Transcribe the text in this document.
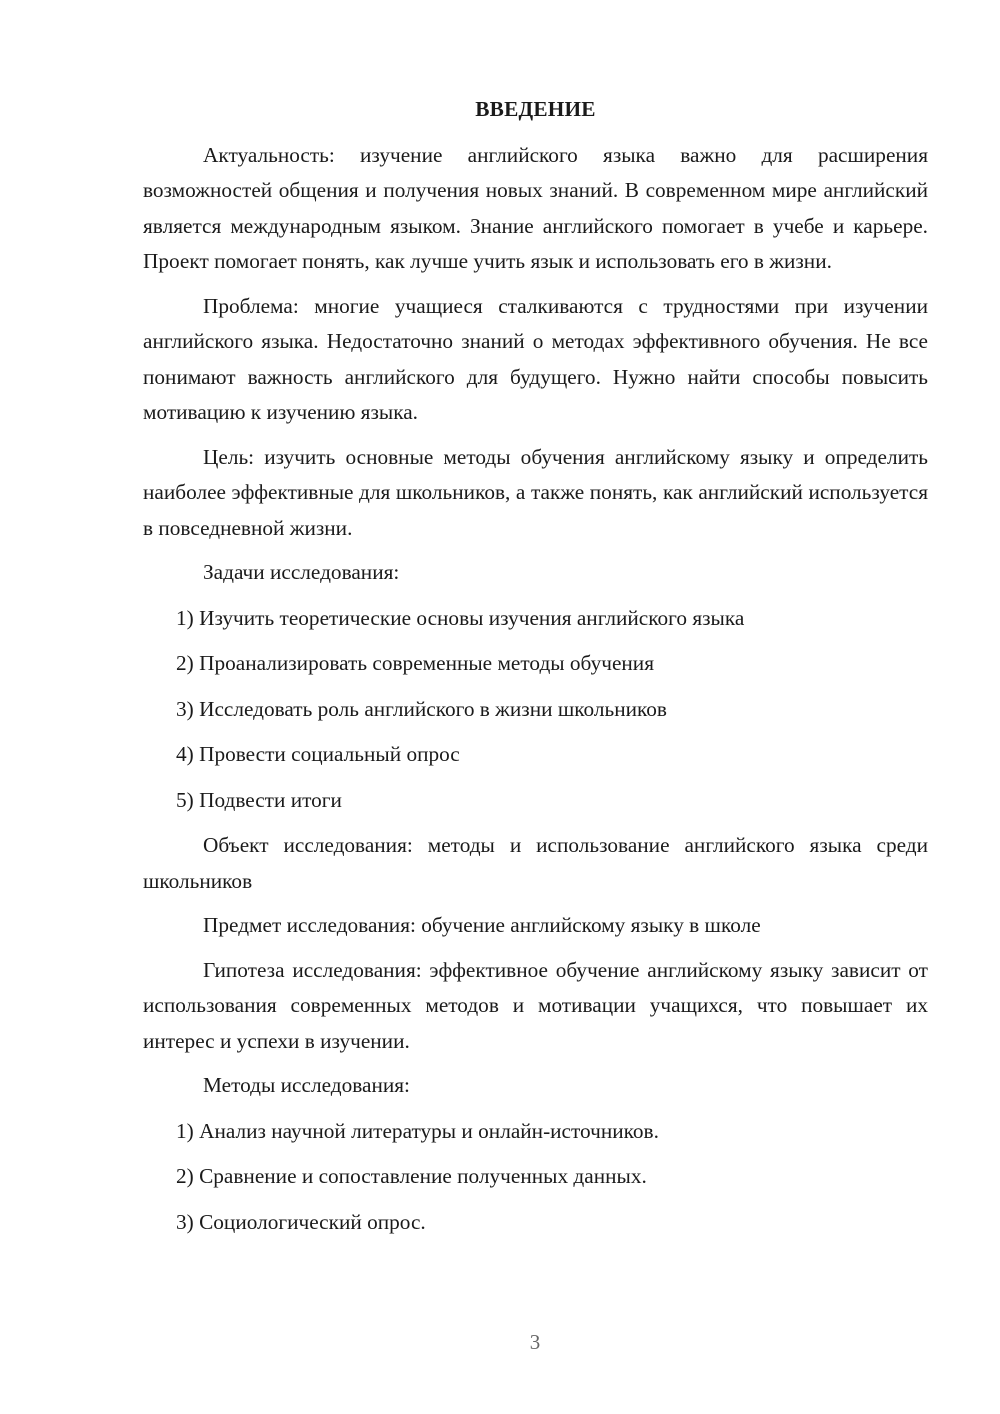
ВВЕДЕНИЕ

Актуальность: изучение английского языка важно для расширения возможностей общения и получения новых знаний. В современном мире английский является международным языком. Знание английского помогает в учебе и карьере. Проект помогает понять, как лучше учить язык и использовать его в жизни.

Проблема: многие учащиеся сталкиваются с трудностями при изучении английского языка. Недостаточно знаний о методах эффективного обучения. Не все понимают важность английского для будущего. Нужно найти способы повысить мотивацию к изучению языка.

Цель: изучить основные методы обучения английскому языку и определить наиболее эффективные для школьников, а также понять, как английский используется в повседневной жизни.

Задачи исследования:
1) Изучить теоретические основы изучения английского языка
2) Проанализировать современные методы обучения
3) Исследовать роль английского в жизни школьников
4) Провести социальный опрос
5) Подвести итоги

Объект исследования: методы и использование английского языка среди школьников

Предмет исследования: обучение английскому языку в школе

Гипотеза исследования: эффективное обучение английскому языку зависит от использования современных методов и мотивации учащихся, что повышает их интерес и успехи в изучении.

Методы исследования:
1) Анализ научной литературы и онлайн-источников.
2) Сравнение и сопоставление полученных данных.
3) Социологический опрос.
3
